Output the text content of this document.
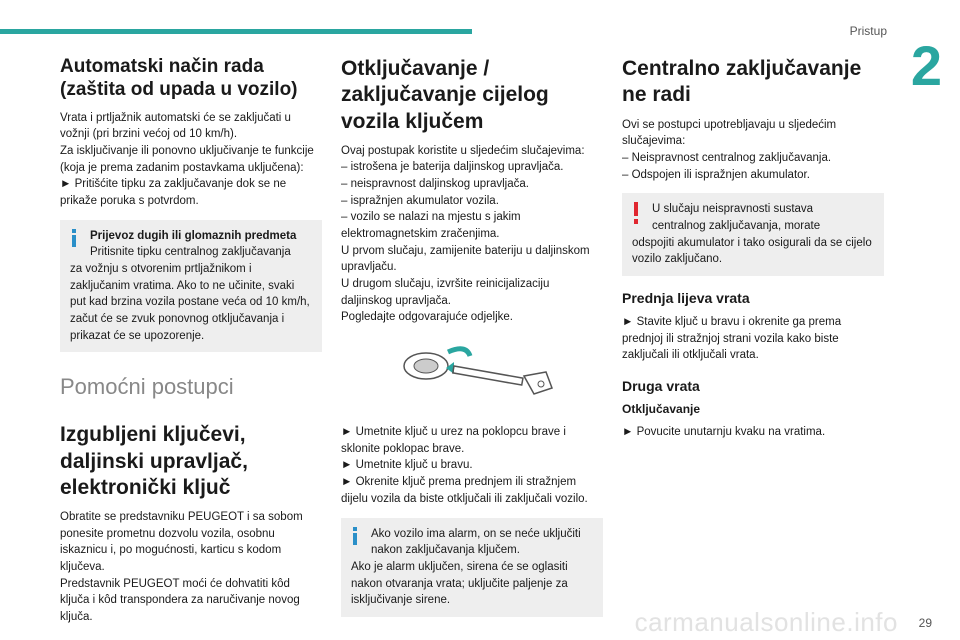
Pristup
2
Automatski način rada
(zaštita od upada u vozilo)

Vrata i prtljažnik automatski će se zaključati u vožnji (pri brzini većoj od 10 km/h).

Za isključivanje ili ponovno uključivanje te funkcije (koja je prema zadanim postavkama uključena):

► Pritišćite tipku za zaključavanje dok se ne prikaže poruka s potvrdom.

Prijevoz dugih ili glomaznih predmeta

Pritisnite tipku centralnog zaključavanja

za vožnju s otvorenim prtljažnikom i zaključanim vratima. Ako to ne učinite, svaki put kad brzina vozila postane veća od 10 km/h, začut će se zvuk ponovnog otključavanja i prikazat će se upozorenje.

Pomoćni postupci
Izgubljeni ključevi, daljinski upravljač, elektronički ključ

Obratite se predstavniku PEUGEOT i sa sobom ponesite prometnu dozvolu vozila, osobnu iskaznicu i, po mogućnosti, karticu s kodom ključeva.

Predstavnik PEUGEOT moći će dohvatiti kôd ključa i kôd transpondera za naručivanje novog ključa.

Otključavanje / zaključavanje cijelog vozila ključem

Ovaj postupak koristite u sljedećim slučajevima:

– istrošena je baterija daljinskog upravljača.

– neispravnost daljinskog upravljača.

– ispražnjen akumulator vozila.

– vozilo se nalazi na mjestu s jakim elektromagnetskim zračenjima.

U prvom slučaju, zamijenite bateriju u daljinskom upravljaču.

U drugom slučaju, izvršite reinicijalizaciju daljinskog upravljača.

Pogledajte odgovarajuće odjeljke.

► Umetnite ključ u urez na poklopcu brave i sklonite poklopac brave.

► Umetnite ključ u bravu.

► Okrenite ključ prema prednjem ili stražnjem dijelu vozila da biste otključali ili zaključali vozilo.

Ako vozilo ima alarm, on se neće uključiti

nakon zaključavanja ključem.

Ako je alarm uključen, sirena će se oglasiti nakon otvaranja vrata; uključite paljenje za isključivanje sirene.

Centralno zaključavanje ne radi

Ovi se postupci upotrebljavaju u sljedećim slučajevima:

– Neispravnost centralnog zaključavanja.

– Odspojen ili ispražnjen akumulator.

U slučaju neispravnosti sustava

centralnog zaključavanja, morate

odspojiti akumulator i tako osigurali da se cijelo vozilo zaključano.

Prednja lijeva vrata

► Stavite ključ u bravu i okrenite ga prema prednjoj ili stražnjoj strani vozila kako biste zaključali ili otključali vrata.

Druga vrata
Otključavanje

► Povucite unutarnju kvaku na vratima.

carmanualsonline.info 29
